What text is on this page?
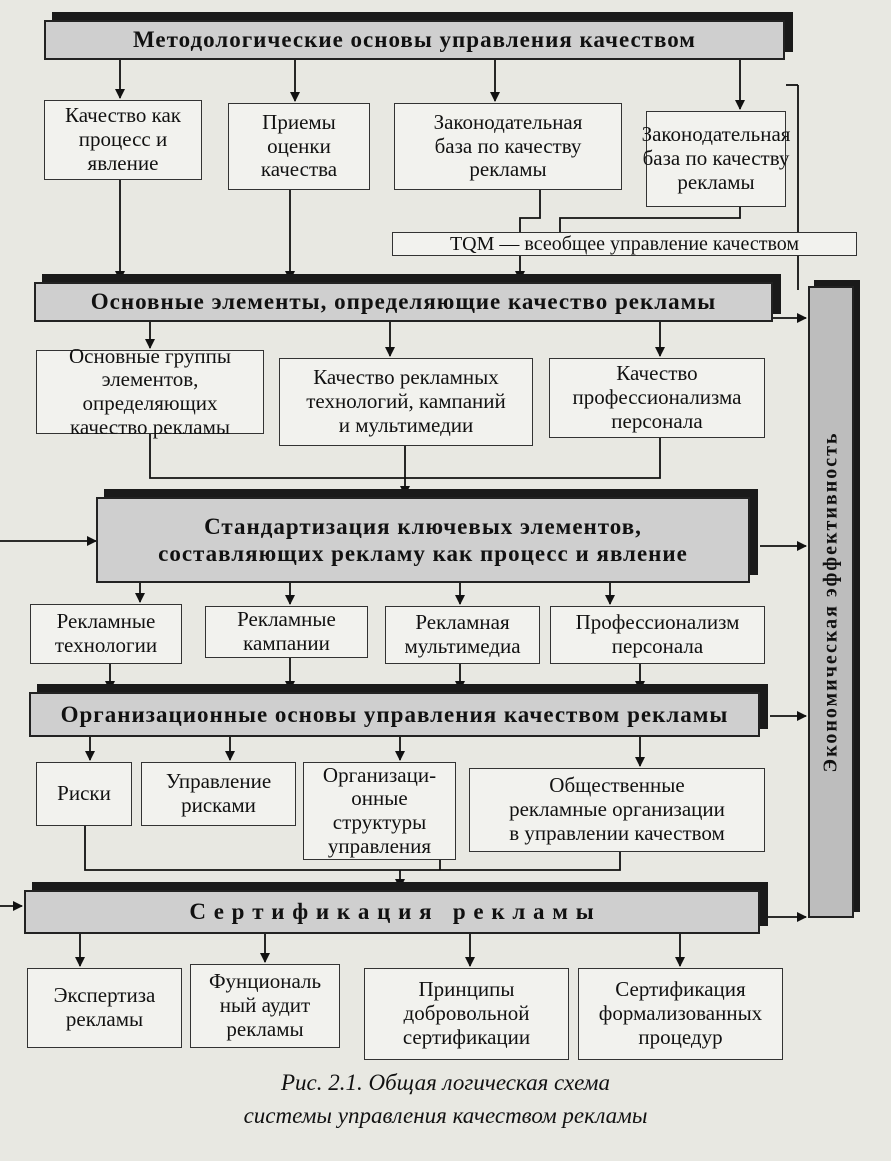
Методологические основы управления качеством
Основные элементы, определяющие качество рекламы
Стандартизация ключевых элементов,
составляющих рекламу как процесс и явление
Организационные основы управления качеством рекламы
С е р т и ф и к а ц и я   р е к л а м ы
Качество как
процесс и
явление
Приемы
оценки
качества
Законодательная
база по качеству
рекламы
Законодательная
база по качеству
рекламы
TQM — всеобщее управление качеством
Основные группы
элементов,
определяющих
качество рекламы
Качество рекламных
технологий, кампаний
и мультимедии
Качество
профессионализма
персонала
Рекламные
технологии
Рекламные
кампании
Рекламная
мультимедиа
Профессионализм
персонала
Риски	Управление
рисками
Организаци-
онные
структуры
управления
Общественные
рекламные организации
в управлении качеством
Экспертиза
рекламы
Фунциональ
ный аудит
рекламы
Принципы
добровольной
сертификации
Сертификация
формализованных
процедур
Экономическая эффективность
Рис. 2.1. Общая логическая схема
системы управления качеством рекламы
